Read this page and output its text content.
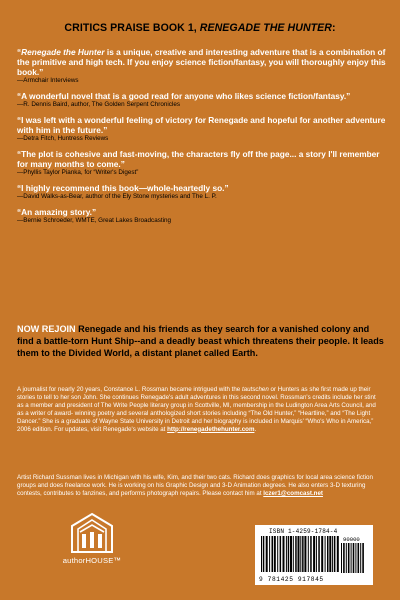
CRITICS PRAISE BOOK 1, RENEGADE THE HUNTER:
“Renegade the Hunter is a unique, creative and interesting adventure that is a combination of the primitive and high tech. If you enjoy science fiction/fantasy, you will thoroughly enjoy this book.”
—Armchair Interviews
“A wonderful novel that is a good read for anyone who likes science fiction/fantasy.”
—R. Dennis Baird, author, The Golden Serpent Chronicles
“I was left with a wonderful feeling of victory for Renegade and hopeful for another adventure with him in the future.”
—Detra Fitch, Huntress Reviews
“The plot is cohesive and fast-moving, the characters fly off the page... a story I'll remember for many months to come.”
—Phyllis Taylor Pianka, for “Writer's Digest”
“I highly recommend this book—whole-heartedly so.”
—David Walks-as-Bear, author of the Ely Stone mysteries and The L. P.
“An amazing story.”
—Bernie Schroeder, WMTE, Great Lakes Broadcasting
NOW REJOIN Renegade and his friends as they search for a vanished colony and find a battle-torn Hunt Ship--and a deadly beast which threatens their people. It leads them to the Divided World, a distant planet called Earth.
A journalist for nearly 20 years, Constance L. Rossman became intrigued with the tautschen or Hunters as she first made up their stories to tell to her son John. She continues Renegade's adult adventures in this second novel. Rossman's credits include her stint as a member and president of The Write People literary group in Scottville, MI, membership in the Ludington Area Arts Council, and as a writer of award- winning poetry and several anthologized short stories including “The Old Hunter,” “Heartline,” and “The Light Dancer.” She is a graduate of Wayne State University in Detroit and her biography is included in Marquis' “Who's Who in America,” 2006 edition. For updates, visit Renegade's website at http://renegadethehunter.com.
Artist Richard Sussman lives in Michigan with his wife, Kim, and their two cats. Richard does graphics for local area science fiction groups and does freelance work. He is working on his Graphic Design and 3-D Animation degrees. He also enters 3-D texturing contests, contributes to fanzines, and performs photograph repairs. Please contact him at lczer1@comcast.net
authorHOUSE™
ISBN 1-4259-1784-4
90000
9 781425 917845
